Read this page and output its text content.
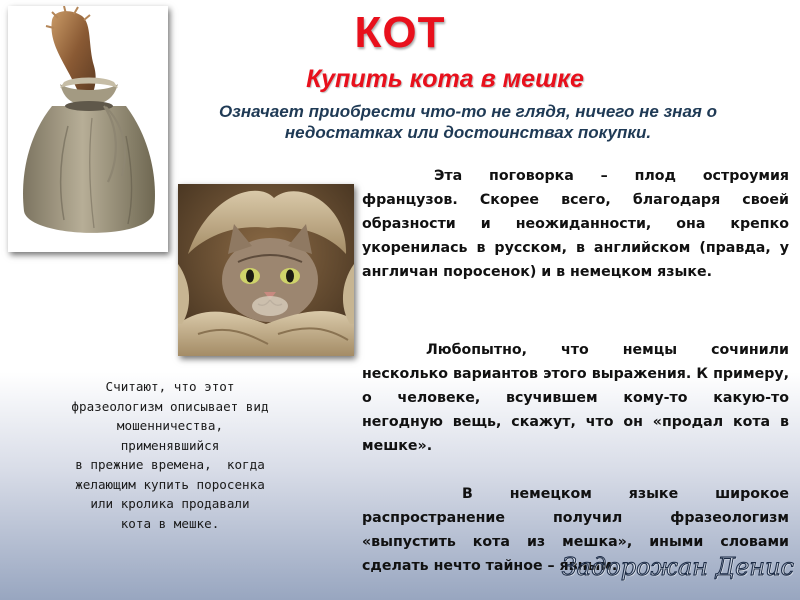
КОТ
Купить кота в мешке
Означает приобрести что-то не глядя, ничего не зная о недостатках или достоинствах покупки.

Эта поговорка – плод остроумия французов. Скорее всего, благодаря своей образности и неожиданности, она крепко укоренилась в русском, в английском (правда, у англичан поросенок) и в немецком языке.

Любопытно, что немцы сочинили несколько вариантов этого выражения. К примеру, о человеке, всучившем кому-то какую-то негодную вещь, скажут, что он «продал кота в мешке».

В немецком языке широкое распространение получил фразеологизм «выпустить кота из мешка», иными словами сделать нечто тайное – явным.

Считают, что этот
фразеологизм описывает вид
мошенничества,
применявшийся
в прежние времена,  когда
желающим купить поросенка
или кролика продавали
кота в мешке.
Задорожан Денис
